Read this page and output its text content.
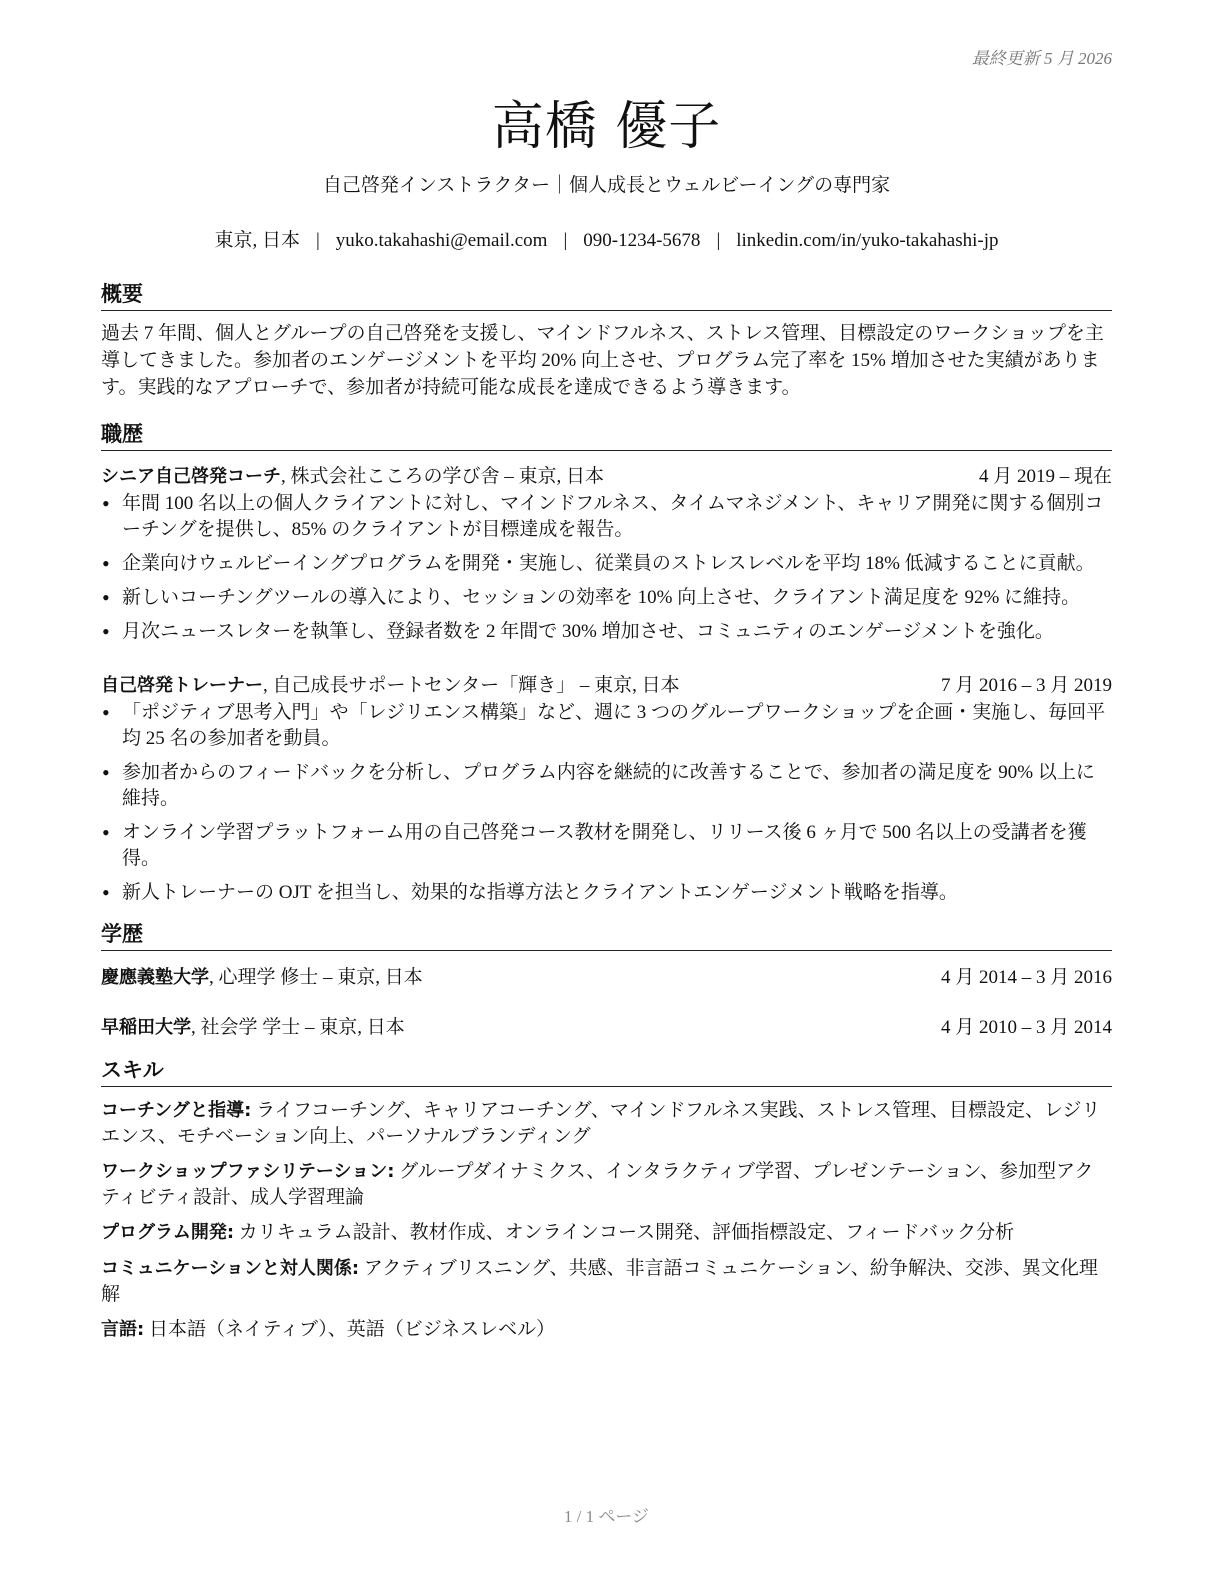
最終更新 5 月 2026
高橋 優子
自己啓発インストラクター｜個人成長とウェルビーイングの専門家
東京, 日本 | yuko.takahashi@email.com | 090-1234-5678 | linkedin.com/in/yuko-takahashi-jp
概要
過去 7 年間、個人とグループの自己啓発を支援し、マインドフルネス、ストレス管理、目標設定のワークショップを主導してきました。参加者のエンゲージメントを平均 20% 向上させ、プログラム完了率を 15% 増加させた実績があります。実践的なアプローチで、参加者が持続可能な成長を達成できるよう導きます。
職歴
シニア自己啓発コーチ, 株式会社こころの学び舎 – 東京, 日本	4 月 2019 – 現在
• 年間 100 名以上の個人クライアントに対し、マインドフルネス、タイムマネジメント、キャリア開発に関する個別コーチングを提供し、85% のクライアントが目標達成を報告。
• 企業向けウェルビーイングプログラムを開発・実施し、従業員のストレスレベルを平均 18% 低減することに貢献。
• 新しいコーチングツールの導入により、セッションの効率を 10% 向上させ、クライアント満足度を 92% に維持。
• 月次ニュースレターを執筆し、登録者数を 2 年間で 30% 増加させ、コミュニティのエンゲージメントを強化。
自己啓発トレーナー, 自己成長サポートセンター「輝き」 – 東京, 日本	7 月 2016 – 3 月 2019
• 「ポジティブ思考入門」や「レジリエンス構築」など、週に 3 つのグループワークショップを企画・実施し、毎回平均 25 名の参加者を動員。
• 参加者からのフィードバックを分析し、プログラム内容を継続的に改善することで、参加者の満足度を 90% 以上に維持。
• オンライン学習プラットフォーム用の自己啓発コース教材を開発し、リリース後 6 ヶ月で 500 名以上の受講者を獲得。
• 新人トレーナーの OJT を担当し、効果的な指導方法とクライアントエンゲージメント戦略を指導。
学歴
慶應義塾大学, 心理学 修士 – 東京, 日本	4 月 2014 – 3 月 2016
早稲田大学, 社会学 学士 – 東京, 日本	4 月 2010 – 3 月 2014
スキル
コーチングと指導: ライフコーチング、キャリアコーチング、マインドフルネス実践、ストレス管理、目標設定、レジリエンス、モチベーション向上、パーソナルブランディング
ワークショップファシリテーション: グループダイナミクス、インタラクティブ学習、プレゼンテーション、参加型アクティビティ設計、成人学習理論
プログラム開発: カリキュラム設計、教材作成、オンラインコース開発、評価指標設定、フィードバック分析
コミュニケーションと対人関係: アクティブリスニング、共感、非言語コミュニケーション、紛争解決、交渉、異文化理解
言語: 日本語（ネイティブ）、英語（ビジネスレベル）
1 / 1 ページ
